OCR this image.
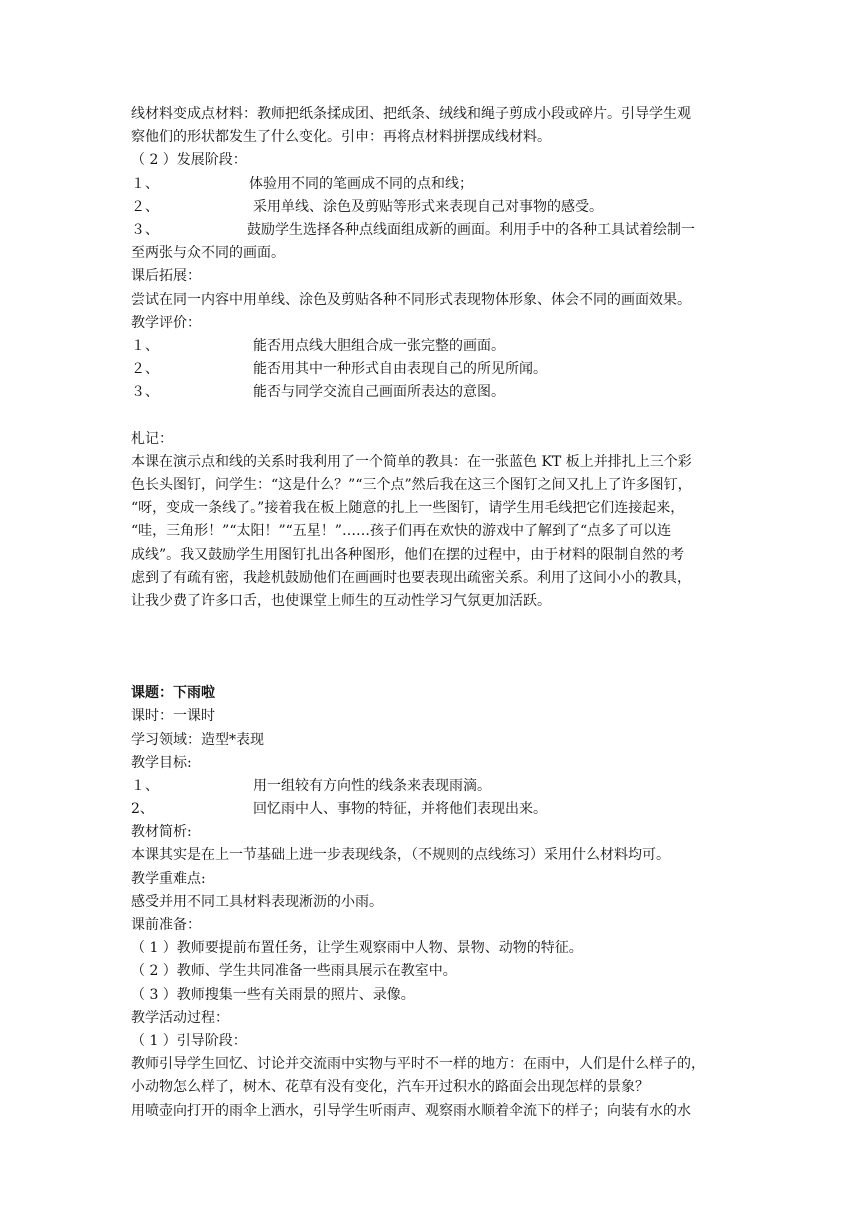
线材料变成点材料：教师把纸条揉成团、把纸条、绒线和绳子剪成小段或碎片。引导学生观
察他们的形状都发生了什么变化。引申：再将点材料拼摆成线材料。
（ 2 ）发展阶段：
１、	体验用不同的笔画成不同的点和线；
２、	采用单线、涂色及剪贴等形式来表现自己对事物的感受。
３、	鼓励学生选择各种点线面组成新的画面。利用手中的各种工具试着绘制一
至两张与众不同的画面。
课后拓展：
尝试在同一内容中用单线、涂色及剪贴各种不同形式表现物体形象、体会不同的画面效果。
教学评价：
１、	能否用点线大胆组合成一张完整的画面。
２、	能否用其中一种形式自由表现自己的所见所闻。
３、	能否与同学交流自己画面所表达的意图。
札记：
本课在演示点和线的关系时我利用了一个简单的教具：在一张蓝色 KT 板上并排扎上三个彩
色长头图钉，问学生：“这是什么？”“三个点”然后我在这三个图钉之间又扎上了许多图钉，
“呀，变成一条线了。”接着我在板上随意的扎上一些图钉，请学生用毛线把它们连接起来，
“哇，三角形！”“太阳！”“五星！”……孩子们再在欢快的游戏中了解到了“点多了可以连
成线”。我又鼓励学生用图钉扎出各种图形，他们在摆的过程中，由于材料的限制自然的考
虑到了有疏有密，我趁机鼓励他们在画画时也要表现出疏密关系。利用了这间小小的教具，
让我少费了许多口舌，也使课堂上师生的互动性学习气氛更加活跃。
课题：下雨啦
课时：一课时
学习领域：造型*表现
教学目标:
１、	用一组较有方向性的线条来表现雨滴。
2、	回忆雨中人、事物的特征，并将他们表现出来。
教材简析:
本课其实是在上一节基础上进一步表现线条，（不规则的点线练习）采用什么材料均可。
教学重难点:
感受并用不同工具材料表现淅沥的小雨。
课前准备：
（ 1 ）教师要提前布置任务，让学生观察雨中人物、景物、动物的特征。
（ 2 ）教师、学生共同准备一些雨具展示在教室中。
（ 3 ）教师搜集一些有关雨景的照片、录像。
教学活动过程：
（ 1 ）引导阶段：
教师引导学生回忆、讨论并交流雨中实物与平时不一样的地方：在雨中，人们是什么样子的，
小动物怎么样了，树木、花草有没有变化，汽车开过积水的路面会出现怎样的景象？
用喷壶向打开的雨伞上洒水，引导学生听雨声、观察雨水顺着伞流下的样子；向装有水的水
